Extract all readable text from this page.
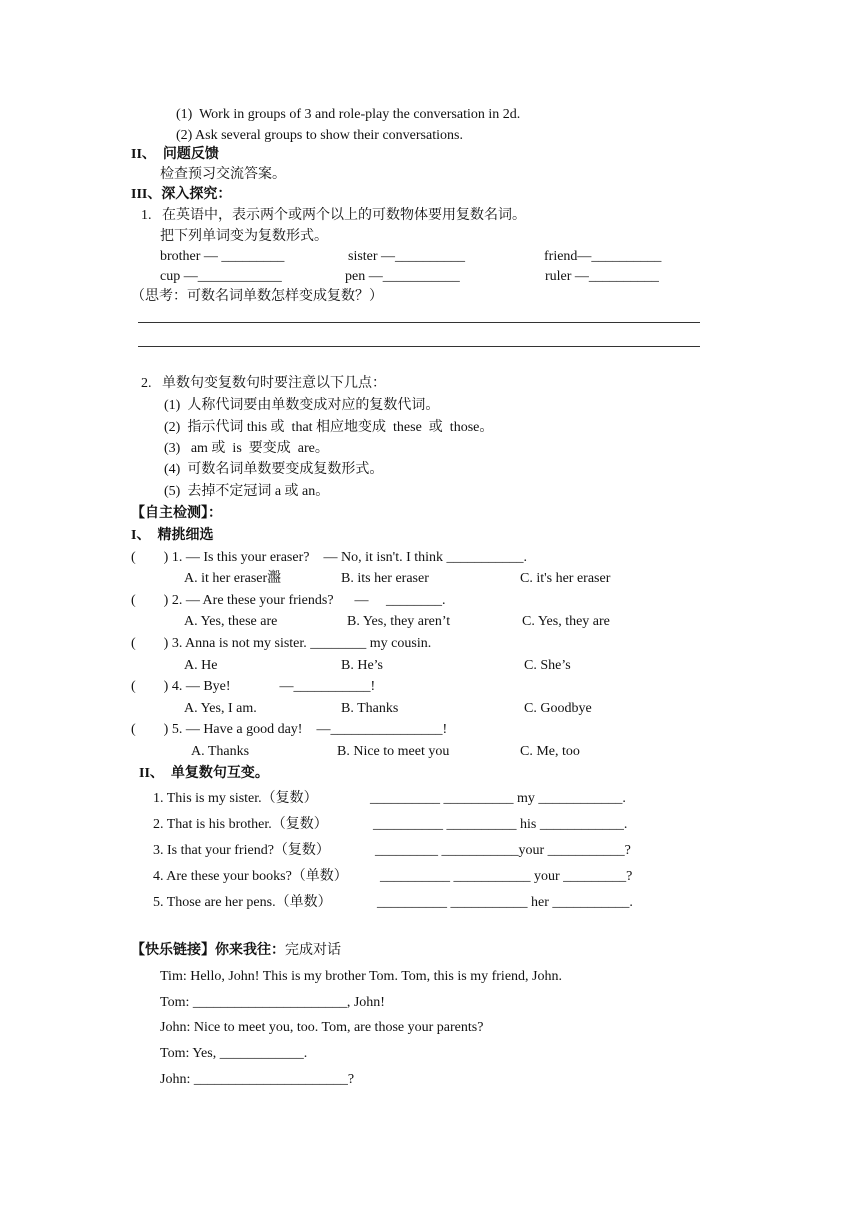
(1)  Work in groups of 3 and role-play the conversation in 2d.
(2) Ask several groups to show their conversations.
II、  问题反馈
检查预习交流答案。
III、深入探究：
1.   在英语中，表示两个或两个以上的可数物体要用复数名词。
把下列单词变为复数形式。
brother — _________	sister —__________	friend—__________
cup —____________	pen —___________	ruler —__________
（思考：可数名词单数怎样变成复数？）
2.   单数句变复数句时要注意以下几点：
(1)  人称代词要由单数变成对应的复数代词。
(2)  指示代词 this 或  that 相应地变成  these  或  those。
(3)   am 或  is  要变成  are。
(4)  可数名词单数要变成复数形式。
(5)  去掉不定冠词 a 或 an。
【自主检测】：
I、  精挑细选
(        ) 1. — Is this your eraser?    — No, it isn't. I think ___________.
A. it her eraser瀊	B. its her eraser	C. it's her eraser
(        ) 2. — Are these your friends?      —     ________.
A. Yes, these are	B. Yes, they aren’t	C. Yes, they are
(        ) 3. Anna is not my sister. ________ my cousin.
A. He	B. He’s	C. She’s
(        ) 4. — Bye!              —___________!
A. Yes, I am.	B. Thanks	C. Goodbye
(        ) 5. — Have a good day!    —________________!
A. Thanks	B. Nice to meet you	C. Me, too
II、  单复数句互变。
1. This is my sister.（复数）	__________ __________ my ____________.
2. That is his brother.（复数）	__________ __________ his ____________.
3. Is that your friend?（复数）	_________ ___________your ___________?
4. Are these your books?（单数） __________ ___________ your _________?
5. Those are her pens.（单数）	__________ ___________ her ___________.
【快乐链接】你来我往：完成对话
Tim: Hello, John! This is my brother Tom. Tom, this is my friend, John.
Tom: ______________________, John!
John: Nice to meet you, too. Tom, are those your parents?
Tom: Yes, ____________.
John: ______________________?
